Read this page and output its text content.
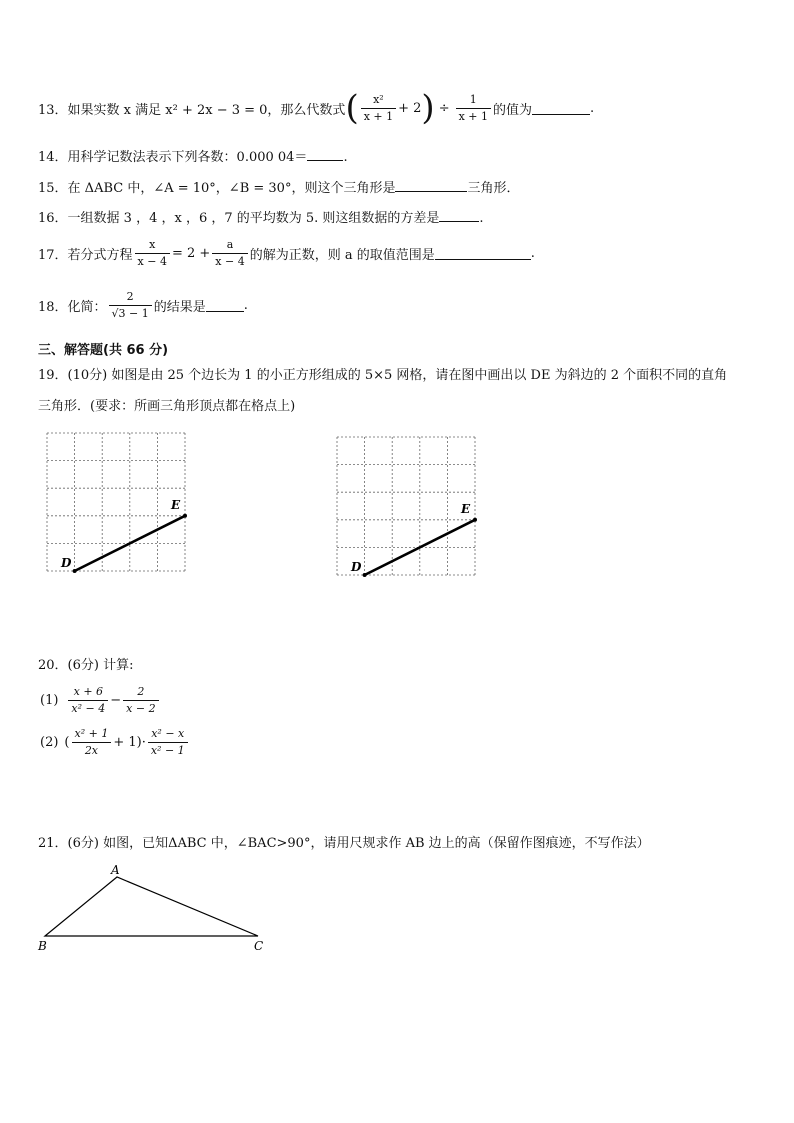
13．如果实数 x 满足 x² + 2x − 3 = 0，那么代数式 ( $\frac{\text{x²}}{x + 1} + 2$ ) ÷ $\frac{1}{x + 1}$ 的值为	.
14．用科学记数法表示下列各数：0.000 04＝	.
15．在 ΔABC 中，∠A = 10°，∠B = 30°，则这个三角形是	三角形．
16．一组数据 3 ，4 ，x ，6 ，7 的平均数为 5. 则这组数据的方差是	.
17．若分式方程 $\frac{x}{x - 4} = 2 + \frac{a}{x - 4}$ 的解为正数，则 a 的取值范围是	.
18．化简： $\frac{2}{√3 - 1}$ 的结果是	.
三、解答题(共 66 分)
19．(10分) 如图是由 25 个边长为 1 的小正方形组成的 5×5 网格，请在图中画出以 DE 为斜边的 2 个面积不同的直角
三角形．(要求：所画三角形顶点都在格点上)
D
E
D
E
20．(6分) 计算:
$(1) \frac{x + 6}{\text{x² − 4}} - \frac{2}{x - 2}$
(2) ( $\frac{\text{x² + 1}}{2x} + 1)\cdot \frac{\text{x² − x}}{\text{x² − 1}}$
21．(6分) 如图，已知ΔABC 中，∠BAC>90°，请用尺规求作 AB 边上的高（保留作图痕迹，不写作法）
A
B	C
